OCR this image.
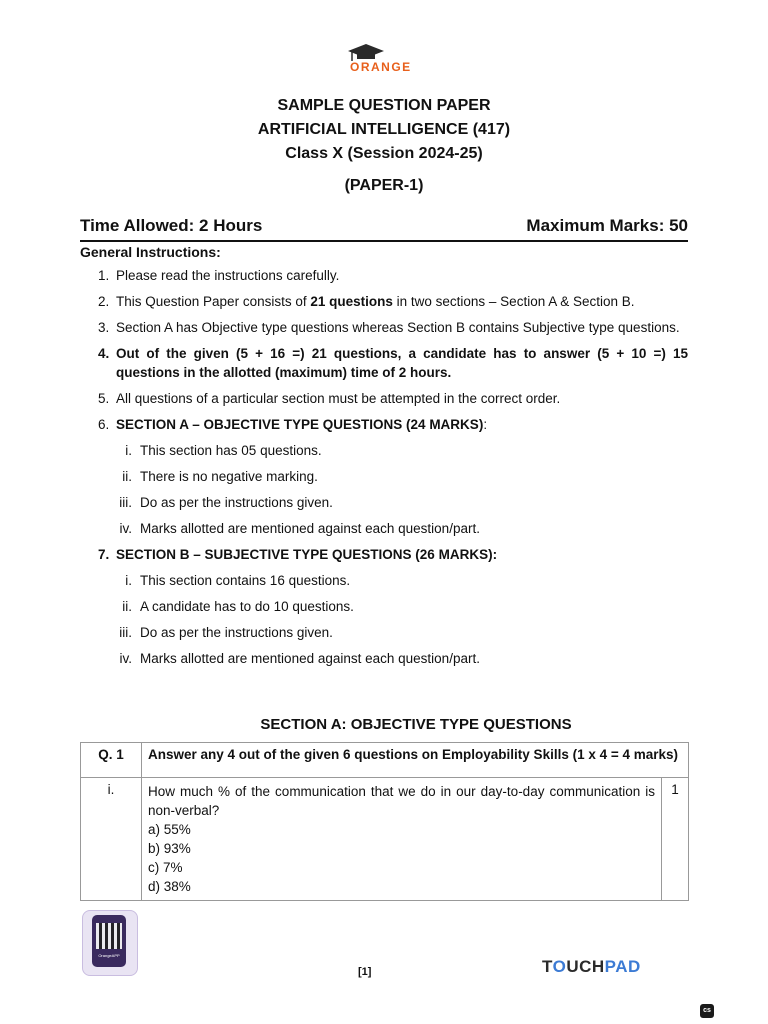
ORANGE
SAMPLE QUESTION PAPER
ARTIFICIAL INTELLIGENCE (417)
Class X (Session 2024-25)
(PAPER-1)
Time Allowed: 2 Hours	Maximum Marks: 50
General Instructions:
1. Please read the instructions carefully.
2. This Question Paper consists of 21 questions in two sections – Section A & Section B.
3. Section A has Objective type questions whereas Section B contains Subjective type questions.
4. Out of the given (5 + 16 =) 21 questions, a candidate has to answer (5 + 10 =) 15 questions in the allotted (maximum) time of 2 hours.
5. All questions of a particular section must be attempted in the correct order.
6. SECTION A – OBJECTIVE TYPE QUESTIONS (24 MARKS):
i. This section has 05 questions.
ii. There is no negative marking.
iii. Do as per the instructions given.
iv. Marks allotted are mentioned against each question/part.
7. SECTION B – SUBJECTIVE TYPE QUESTIONS (26 MARKS):
i. This section contains 16 questions.
ii. A candidate has to do 10 questions.
iii. Do as per the instructions given.
iv. Marks allotted are mentioned against each question/part.
SECTION A: OBJECTIVE TYPE QUESTIONS
Q. 1	Answer any 4 out of the given 6 questions on Employability Skills (1 x 4 = 4 marks)	
i.	How much % of the communication that we do in our day-to-day communication is non-verbal?
a) 55%
b) 93%
c) 7%
d) 38%	1
OrangeAPP
[1]	TOUCHPAD
cs
